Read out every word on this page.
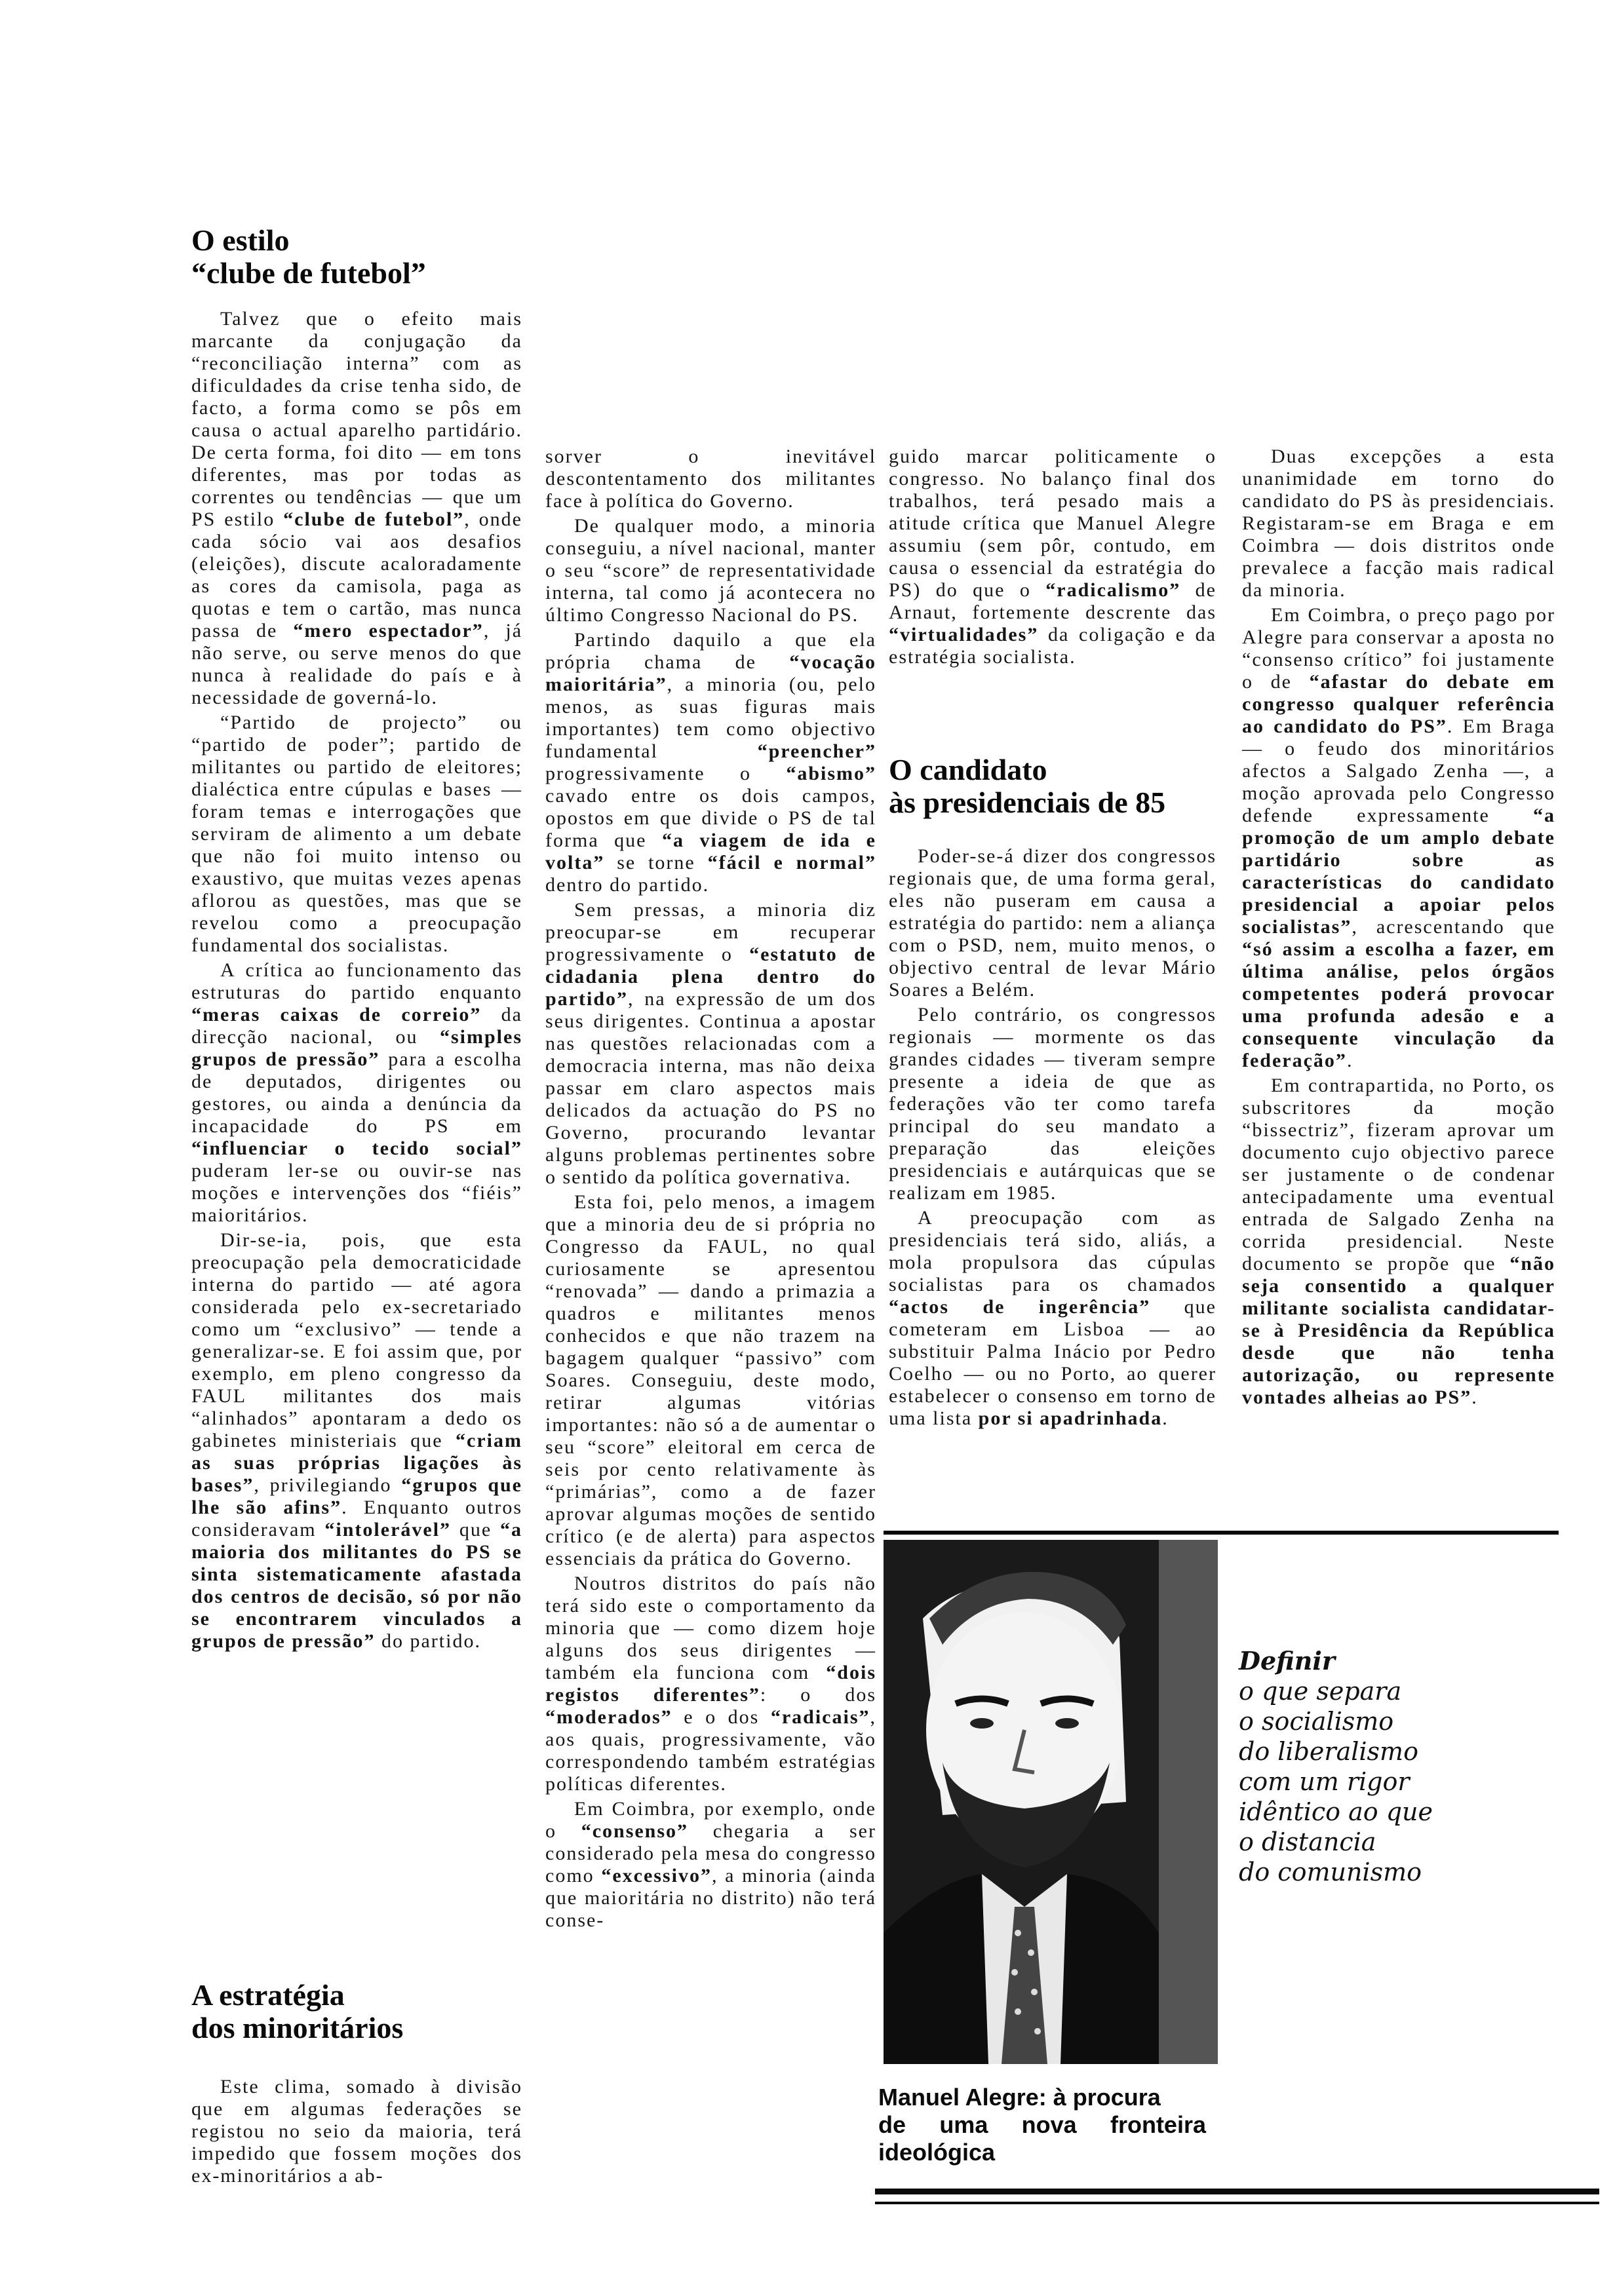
O estilo
“clube de futebol”

Talvez que o efeito mais marcante da conjugação da “reconciliação interna” com as dificuldades da crise tenha sido, de facto, a forma como se pôs em causa o actual aparelho partidário. De certa forma, foi dito — em tons diferentes, mas por todas as correntes ou tendências — que um PS estilo “clube de futebol”, onde cada sócio vai aos desafios (eleições), discute acaloradamente as cores da camisola, paga as quotas e tem o cartão, mas nunca passa de “mero espectador”, já não serve, ou serve menos do que nunca à realidade do país e à necessidade de governá-lo.

“Partido de projecto” ou “partido de poder”; partido de militantes ou partido de eleitores; dialéctica entre cúpulas e bases — foram temas e interrogações que serviram de alimento a um debate que não foi muito intenso ou exaustivo, que muitas vezes apenas aflorou as questões, mas que se revelou como a preocupação fundamental dos socialistas.

A crítica ao funcionamento das estruturas do partido enquanto “meras caixas de correio” da direcção nacional, ou “simples grupos de pressão” para a escolha de deputados, dirigentes ou gestores, ou ainda a denúncia da incapacidade do PS em “influenciar o tecido social” puderam ler-se ou ouvir-se nas moções e intervenções dos “fiéis” maioritários.

Dir-se-ia, pois, que esta preocupação pela democraticidade interna do partido — até agora considerada pelo ex-secretariado como um “exclusivo” — tende a generalizar-se. E foi assim que, por exemplo, em pleno congresso da FAUL militantes dos mais “alinhados” apontaram a dedo os gabinetes ministeriais que “criam as suas próprias ligações às bases”, privilegiando “grupos que lhe são afins”. Enquanto outros consideravam “intolerável” que “a maioria dos militantes do PS se sinta sistematicamente afastada dos centros de decisão, só por não se encontrarem vinculados a grupos de pressão” do partido.

A estratégia
dos minoritários

Este clima, somado à divisão que em algumas federações se registou no seio da maioria, terá impedido que fossem moções dos ex-minoritários a ab-

sorver o inevitável descontentamento dos militantes face à política do Governo.

De qualquer modo, a minoria conseguiu, a nível nacional, manter o seu “score” de representatividade interna, tal como já acontecera no último Congresso Nacional do PS.

Partindo daquilo a que ela própria chama de “vocação maioritária”, a minoria (ou, pelo menos, as suas figuras mais importantes) tem como objectivo fundamental “preencher” progressivamente o “abismo” cavado entre os dois campos, opostos em que divide o PS de tal forma que “a viagem de ida e volta” se torne “fácil e normal” dentro do partido.

Sem pressas, a minoria diz preocupar-se em recuperar progressivamente o “estatuto de cidadania plena dentro do partido”, na expressão de um dos seus dirigentes. Continua a apostar nas questões relacionadas com a democracia interna, mas não deixa passar em claro aspectos mais delicados da actuação do PS no Governo, procurando levantar alguns problemas pertinentes sobre o sentido da política governativa.

Esta foi, pelo menos, a imagem que a minoria deu de si própria no Congresso da FAUL, no qual curiosamente se apresentou “renovada” — dando a primazia a quadros e militantes menos conhecidos e que não trazem na bagagem qualquer “passivo” com Soares. Conseguiu, deste modo, retirar algumas vitórias importantes: não só a de aumentar o seu “score” eleitoral em cerca de seis por cento relativamente às “primárias”, como a de fazer aprovar algumas moções de sentido crítico (e de alerta) para aspectos essenciais da prática do Governo.

Noutros distritos do país não terá sido este o comportamento da minoria que — como dizem hoje alguns dos seus dirigentes — também ela funciona com “dois registos diferentes”: o dos “moderados” e o dos “radicais”, aos quais, progressivamente, vão correspondendo também estratégias políticas diferentes.

Em Coimbra, por exemplo, onde o “consenso” chegaria a ser considerado pela mesa do congresso como “excessivo”, a minoria (ainda que maioritária no distrito) não terá conse-

guido marcar politicamente o congresso. No balanço final dos trabalhos, terá pesado mais a atitude crítica que Manuel Alegre assumiu (sem pôr, contudo, em causa o essencial da estratégia do PS) do que o “radicalismo” de Arnaut, fortemente descrente das “virtualidades” da coligação e da estratégia socialista.

O candidato
às presidenciais de 85

Poder-se-á dizer dos congressos regionais que, de uma forma geral, eles não puseram em causa a estratégia do partido: nem a aliança com o PSD, nem, muito menos, o objectivo central de levar Mário Soares a Belém.

Pelo contrário, os congressos regionais — mormente os das grandes cidades — tiveram sempre presente a ideia de que as federações vão ter como tarefa principal do seu mandato a preparação das eleições presidenciais e autárquicas que se realizam em 1985.

A preocupação com as presidenciais terá sido, aliás, a mola propulsora das cúpulas socialistas para os chamados “actos de ingerência” que cometeram em Lisboa — ao substituir Palma Inácio por Pedro Coelho — ou no Porto, ao querer estabelecer o consenso em torno de uma lista por si apadrinhada.

Duas excepções a esta unanimidade em torno do candidato do PS às presidenciais. Registaram-se em Braga e em Coimbra — dois distritos onde prevalece a facção mais radical da minoria.

Em Coimbra, o preço pago por Alegre para conservar a aposta no “consenso crítico” foi justamente o de “afastar do debate em congresso qualquer referência ao candidato do PS”. Em Braga — o feudo dos minoritários afectos a Salgado Zenha —, a moção aprovada pelo Congresso defende expressamente “a promoção de um amplo debate partidário sobre as características do candidato presidencial a apoiar pelos socialistas”, acrescentando que “só assim a escolha a fazer, em última análise, pelos órgãos competentes poderá provocar uma profunda adesão e a consequente vinculação da federação”.

Em contrapartida, no Porto, os subscritores da moção “bissectriz”, fizeram aprovar um documento cujo objectivo parece ser justamente o de condenar antecipadamente uma eventual entrada de Salgado Zenha na corrida presidencial. Neste documento se propõe que “não seja consentido a qualquer militante socialista candidatar-se à Presidência da República desde que não tenha autorização, ou represente vontades alheias ao PS”.

Manuel Alegre: à procura
de uma nova fronteira
ideológica
Definir
o que separa
o socialismo
do liberalismo
com um rigor
idêntico ao que
o distancia
do comunismo
